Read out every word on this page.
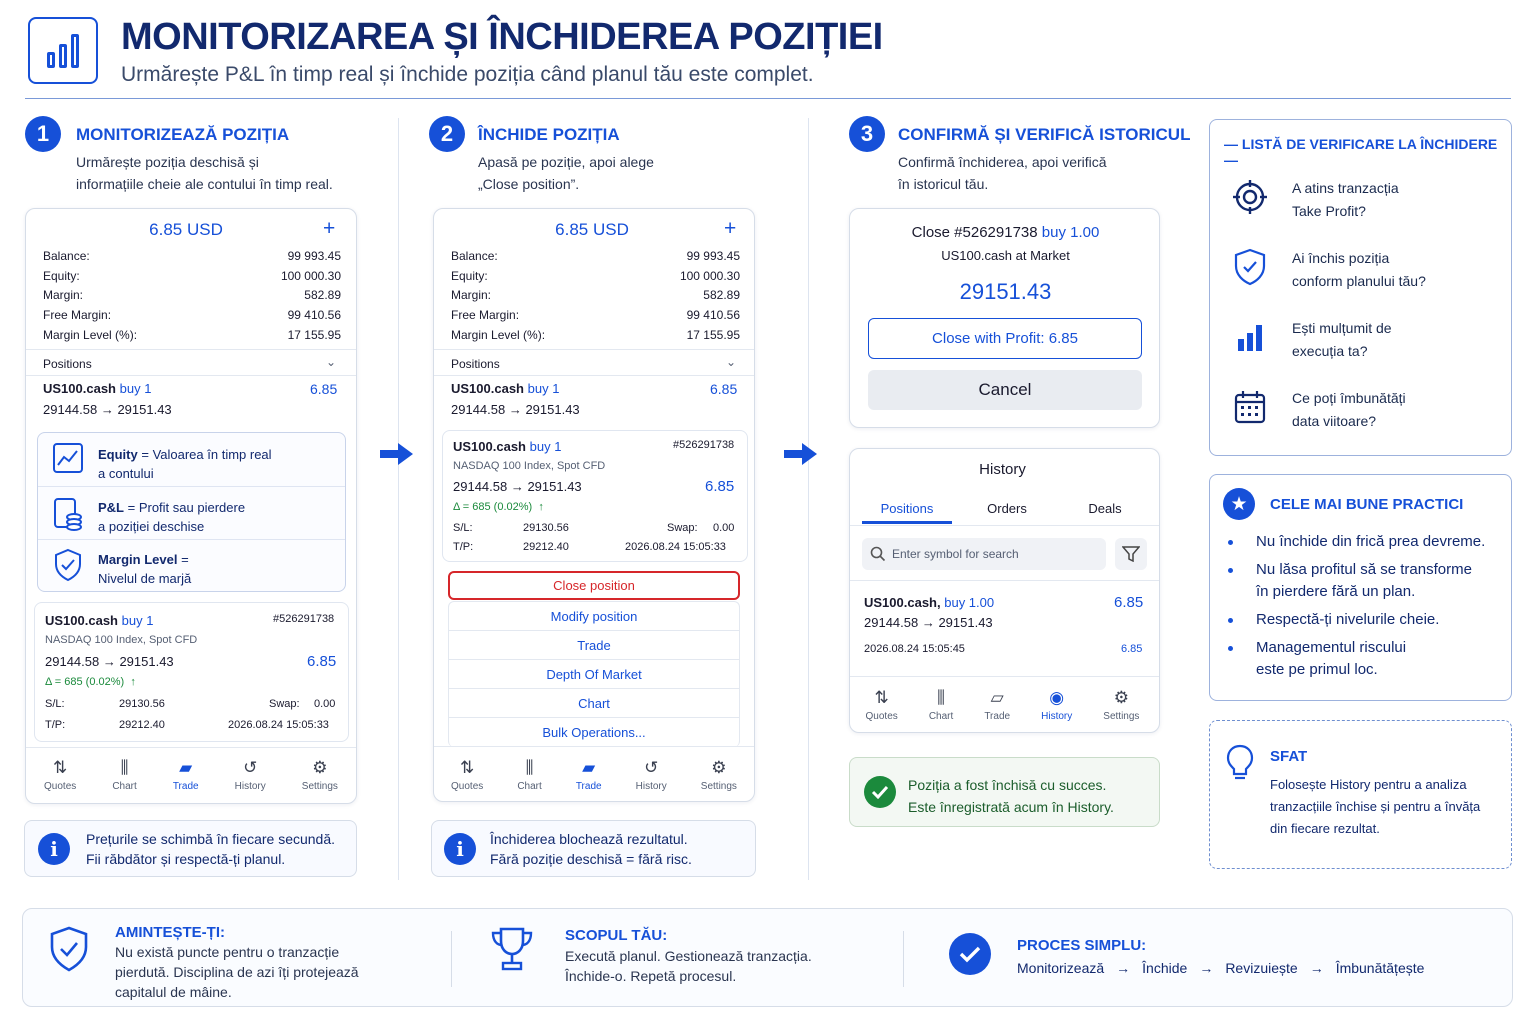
MONITORIZAREA ȘI ÎNCHIDEREA POZIȚIEI
Urmărește P&L în timp real și închide poziția când planul tău este complet.
1	MONITORIZEAZĂ POZIȚIA
Urmărește poziția deschisă și
informațiile cheie ale contului în timp real.
2	ÎNCHIDE POZIȚIA
Apasă pe poziție, apoi alege
„Close position”.
3	CONFIRMĂ ȘI VERIFICĂ ISTORICUL
Confirmă închiderea, apoi verifică
în istoricul tău.
6.85 USD	+
Balance:	99 993.45
Equity:	100 000.30
Margin:	582.89
Free Margin:	99 410.56
Margin Level (%):	17 155.95
Positions	⌄
US100.cash buy 1	6.85
29144.58 → 29151.43
Equity = Valoarea în timp real
a contului
P&L = Profit sau pierdere
a poziției deschise
Margin Level =
Nivelul de marjă
US100.cash buy 1	#526291738
NASDAQ 100 Index, Spot CFD
29144.58 → 29151.43	6.85
Δ = 685 (0.02%) ↑
S/L:	29130.56	Swap: 0.00
T/P:	29212.40	2026.08.24 15:05:33
⇅
Quotes
⫼
Chart
▰
Trade
↺
History
⚙
Settings
i	Prețurile se schimbă în fiecare secundă.
Fii răbdător și respectă-ți planul.
6.85 USD	+
Balance:	99 993.45
Equity:	100 000.30
Margin:	582.89
Free Margin:	99 410.56
Margin Level (%):	17 155.95
Positions	⌄
US100.cash buy 1	6.85
29144.58 → 29151.43
US100.cash buy 1	#526291738
NASDAQ 100 Index, Spot CFD
29144.58 → 29151.43	6.85
Δ = 685 (0.02%) ↑
S/L:	29130.56	Swap: 0.00
T/P:	29212.40	2026.08.24 15:05:33
Close position
Modify position
Trade
Depth Of Market
Chart
Bulk Operations...
⇅
Quotes
⫼
Chart
▰
Trade
↺
History
⚙
Settings
i	Închiderea blochează rezultatul.
Fără poziție deschisă = fără risc.
Close #526291738 buy 1.00
US100.cash at Market
29151.43
Close with Profit: 6.85
Cancel
History
Positions	Orders	Deals
Enter symbol for search
US100.cash, buy 1.00	6.85
29144.58 → 29151.43
2026.08.24 15:05:45	6.85
⇅
Quotes
⫼
Chart
▱
Trade
◉
History
⚙
Settings
Poziția a fost închisă cu succes.
Este înregistrată acum în History.
— LISTĂ DE VERIFICARE LA ÎNCHIDERE —
A atins tranzacția
Take Profit?
Ai închis poziția
conform planului tău?
Ești mulțumit de
execuția ta?
Ce poți îmbunătăți
data viitoare?
★	CELE MAI BUNE PRACTICI
Nu închide din frică prea devreme.
Nu lăsa profitul să se transforme
în pierdere fără un plan.
Respectă-ți nivelurile cheie.
Managementul riscului
este pe primul loc.
SFAT
Folosește History pentru a analiza
tranzacțiile închise și pentru a învăța
din fiecare rezultat.
AMINTEȘTE-ȚI:
Nu există puncte pentru o tranzacție
pierdută. Disciplina de azi îți protejează
capitalul de mâine.
SCOPUL TĂU:
Execută planul. Gestionează tranzacția.
Închide-o. Repetă procesul.
PROCES SIMPLU:
Monitorizează → Închide → Revizuiește → Îmbunătățește
